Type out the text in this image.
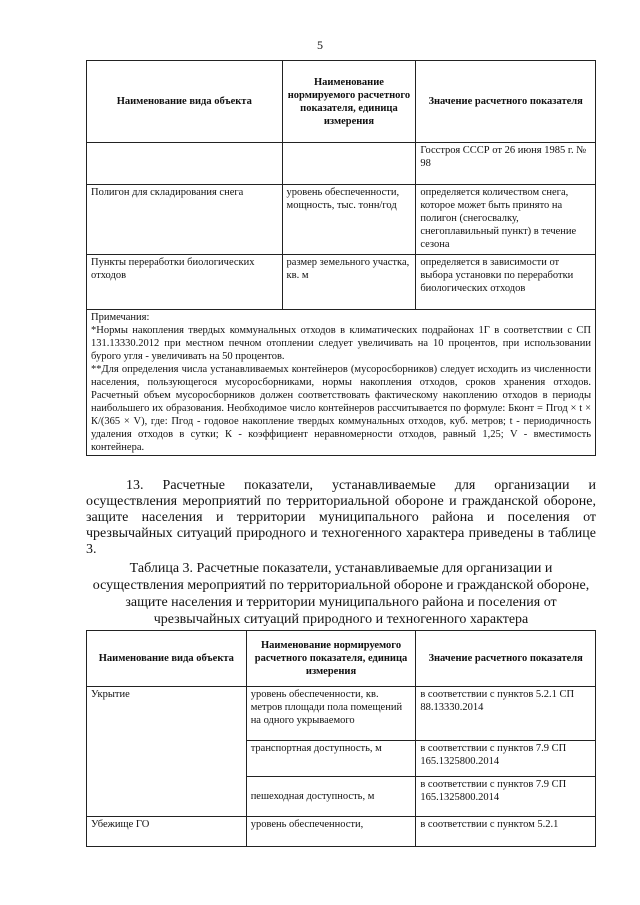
5
Наименование вида объекта	Наименование нормируемого расчетного показателя, единица измерения	Значение расчетного показателя
		Госстроя СССР от 26 июня 1985 г. № 98
Полигон для складирования снега	уровень обеспеченности, мощность, тыс. тонн/год	определяется количеством снега, которое может быть принято на полигон (снегосвалку, снегоплавильный пункт) в течение сезона
Пункты переработки биологических отходов	размер земельного участка, кв. м	определяется в зависимости от выбора установки по переработки биологических отходов

Примечания:
*Нормы накопления твердых коммунальных отходов в климатических подрайонах 1Г в соответствии с СП 131.13330.2012 при местном печном отоплении следует увеличивать на 10 процентов, при использовании бурого угля - увеличивать на 50 процентов.
**Для определения числа устанавливаемых контейнеров (мусоросборников) следует исходить из численности населения, пользующегося мусоросборниками, нормы накопления отходов, сроков хранения отходов. Расчетный объем мусоросборников должен соответствовать фактическому накоплению отходов в периоды наибольшего их образования. Необходимое число контейнеров рассчитывается по формуле: Бконт = Пгод × t × К/(365 × V), где: Пгод - годовое накопление твердых коммунальных отходов, куб. метров; t - периодичность удаления отходов в сутки; К - коэффициент неравномерности отходов, равный 1,25; V - вместимость контейнера.		
13. Расчетные показатели, устанавливаемые для организации и осуществления мероприятий по территориальной обороне и гражданской обороне, защите населения и территории муниципального района и поселения от чрезвычайных ситуаций природного и техногенного характера приведены в таблице 3.
Таблица 3. Расчетные показатели, устанавливаемые для организации и осуществления мероприятий по территориальной обороне и гражданской обороне, защите населения и территории муниципального района и поселения от чрезвычайных ситуаций природного и техногенного характера
Наименование вида объекта	Наименование нормируемого расчетного показателя, единица измерения	Значение расчетного показателя
Укрытие	уровень обеспеченности, кв. метров площади пола помещений на одного укрываемого	в соответствии с пунктов 5.2.1 СП 88.13330.2014
	транспортная доступность, м	в соответствии с пунктов 7.9 СП 165.1325800.2014
	пешеходная доступность, м	в соответствии с пунктов 7.9 СП 165.1325800.2014
Убежище ГО	уровень обеспеченности,	в соответствии с пунктом 5.2.1
